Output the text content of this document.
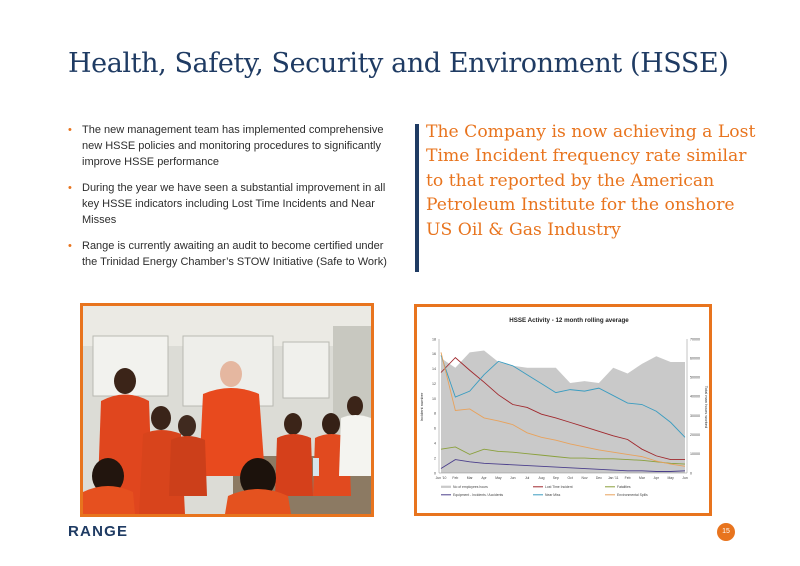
Health, Safety, Security and Environment (HSSE)
• The new management team has implemented comprehensive new HSSE policies and monitoring procedures to significantly improve HSSE performance
• During the year we have seen a substantial improvement in all key HSSE indicators including Lost Time Incidents and Near Misses
• Range is currently awaiting an audit to become certified under the Trinidad Energy Chamber’s STOW Initiative (Safe to Work)
The Company is now achieving a Lost Time Incident frequency rate similar to that reported by the American Petroleum Institute for the onshore US Oil & Gas Industry
HSSE Activity - 12 month rolling average
Incident number	Total man hours worked
0
2
4
6
8
10
12
14
16
18
0
10000
20000
30000
40000
50000
60000
70000
Jun '10 Feb	Mar	Apr	May Jun	Jul	Aug Sep	Oct	Nov Dec Jan '11 Feb	Mar	Apr	May Jun
No of employees hours	Lost Time Incident	Fatalities
Equipment - Incidents / Accidents	Near Miss	Environmental Spills
RANGE	15
